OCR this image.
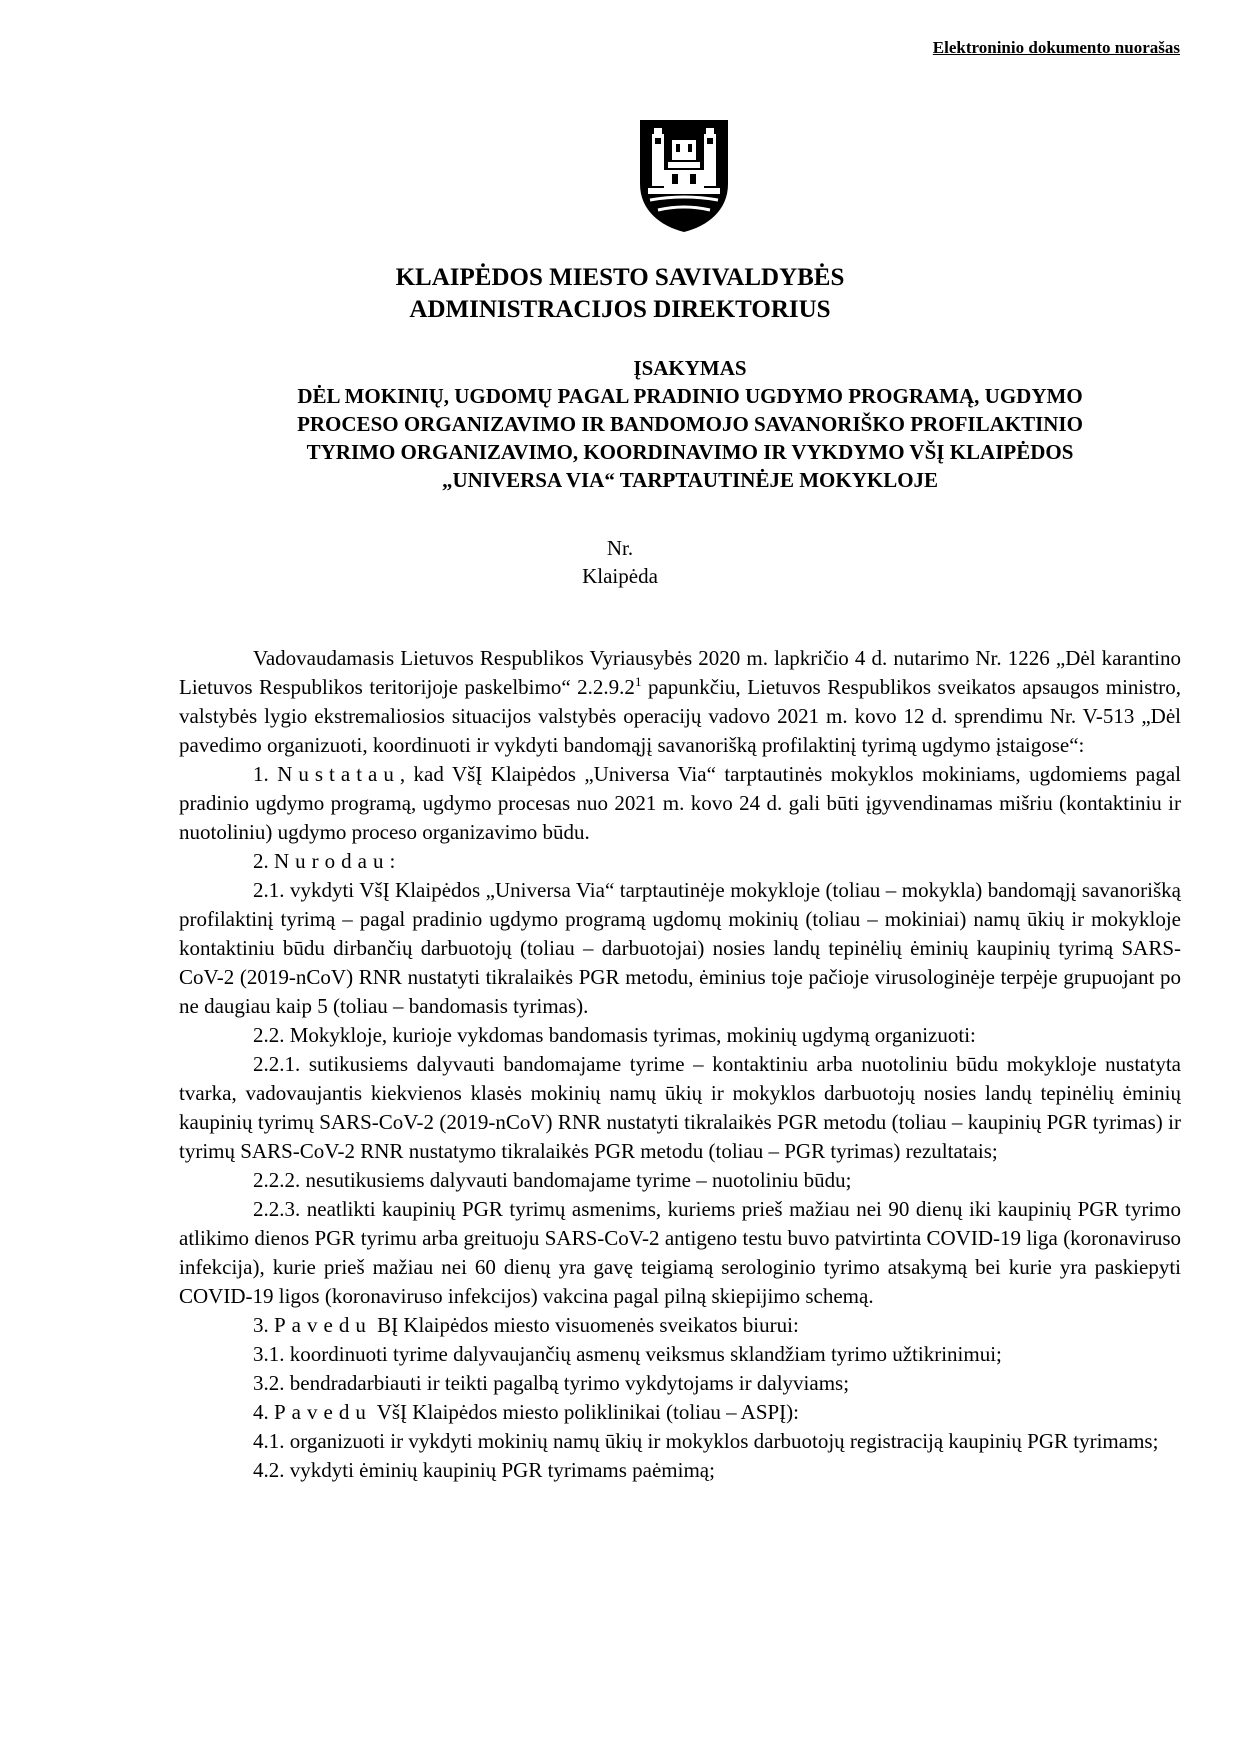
Elektroninio dokumento nuorašas
KLAIPĖDOS MIESTO SAVIVALDYBĖS
ADMINISTRACIJOS DIREKTORIUS
ĮSAKYMAS
DĖL MOKINIŲ, UGDOMŲ PAGAL PRADINIO UGDYMO PROGRAMĄ, UGDYMO
PROCESO ORGANIZAVIMO IR BANDOMOJO SAVANORIŠKO PROFILAKTINIO
TYRIMO ORGANIZAVIMO, KOORDINAVIMO IR VYKDYMO VŠĮ KLAIPĖDOS
„UNIVERSA VIA“ TARPTAUTINĖJE MOKYKLOJE
Nr.
Klaipėda

Vadovaudamasis Lietuvos Respublikos Vyriausybės 2020 m. lapkričio 4 d. nutarimo Nr. 1226 „Dėl karantino Lietuvos Respublikos teritorijoje paskelbimo“ 2.2.9.2$^1$ papunkčiu, Lietuvos Respublikos sveikatos apsaugos ministro, valstybės lygio ekstremaliosios situacijos valstybės operacijų vadovo 2021 m. kovo 12 d. sprendimu Nr. V-513 „Dėl pavedimo organizuoti, koordinuoti ir vykdyti bandomąjį savanorišką profilaktinį tyrimą ugdymo įstaigose“:

1. Nustatau, kad VšĮ Klaipėdos „Universa Via“ tarptautinės mokyklos mokiniams, ugdomiems pagal pradinio ugdymo programą, ugdymo procesas nuo 2021 m. kovo 24 d. gali būti įgyvendinamas mišriu (kontaktiniu ir nuotoliniu) ugdymo proceso organizavimo būdu.

2. Nurodau:

2.1. vykdyti VšĮ Klaipėdos „Universa Via“ tarptautinėje mokykloje (toliau – mokykla) bandomąjį savanorišką profilaktinį tyrimą – pagal pradinio ugdymo programą ugdomų mokinių (toliau – mokiniai) namų ūkių ir mokykloje kontaktiniu būdu dirbančių darbuotojų (toliau – darbuotojai) nosies landų tepinėlių ėminių kaupinių tyrimą SARS-CoV-2 (2019-nCoV) RNR nustatyti tikralaikės PGR metodu, ėminius toje pačioje virusologinėje terpėje grupuojant po ne daugiau kaip 5 (toliau – bandomasis tyrimas).

2.2. Mokykloje, kurioje vykdomas bandomasis tyrimas, mokinių ugdymą organizuoti:

2.2.1. sutikusiems dalyvauti bandomajame tyrime – kontaktiniu arba nuotoliniu būdu mokykloje nustatyta tvarka, vadovaujantis kiekvienos klasės mokinių namų ūkių ir mokyklos darbuotojų nosies landų tepinėlių ėminių kaupinių tyrimų SARS-CoV-2 (2019-nCoV) RNR nustatyti tikralaikės PGR metodu (toliau – kaupinių PGR tyrimas) ir tyrimų SARS-CoV-2 RNR nustatymo tikralaikės PGR metodu (toliau – PGR tyrimas) rezultatais;

2.2.2. nesutikusiems dalyvauti bandomajame tyrime – nuotoliniu būdu;

2.2.3. neatlikti kaupinių PGR tyrimų asmenims, kuriems prieš mažiau nei 90 dienų iki kaupinių PGR tyrimo atlikimo dienos PGR tyrimu arba greituoju SARS-CoV-2 antigeno testu buvo patvirtinta COVID-19 liga (koronaviruso infekcija), kurie prieš mažiau nei 60 dienų yra gavę teigiamą serologinio tyrimo atsakymą bei kurie yra paskiepyti COVID-19 ligos (koronaviruso infekcijos) vakcina pagal pilną skiepijimo schemą.

3. Pavedu BĮ Klaipėdos miesto visuomenės sveikatos biurui:

3.1. koordinuoti tyrime dalyvaujančių asmenų veiksmus sklandžiam tyrimo užtikrinimui;

3.2. bendradarbiauti ir teikti pagalbą tyrimo vykdytojams ir dalyviams;

4. Pavedu VšĮ Klaipėdos miesto poliklinikai (toliau – ASPĮ):

4.1. organizuoti ir vykdyti mokinių namų ūkių ir mokyklos darbuotojų registraciją kaupinių PGR tyrimams;

4.2. vykdyti ėminių kaupinių PGR tyrimams paėmimą;
